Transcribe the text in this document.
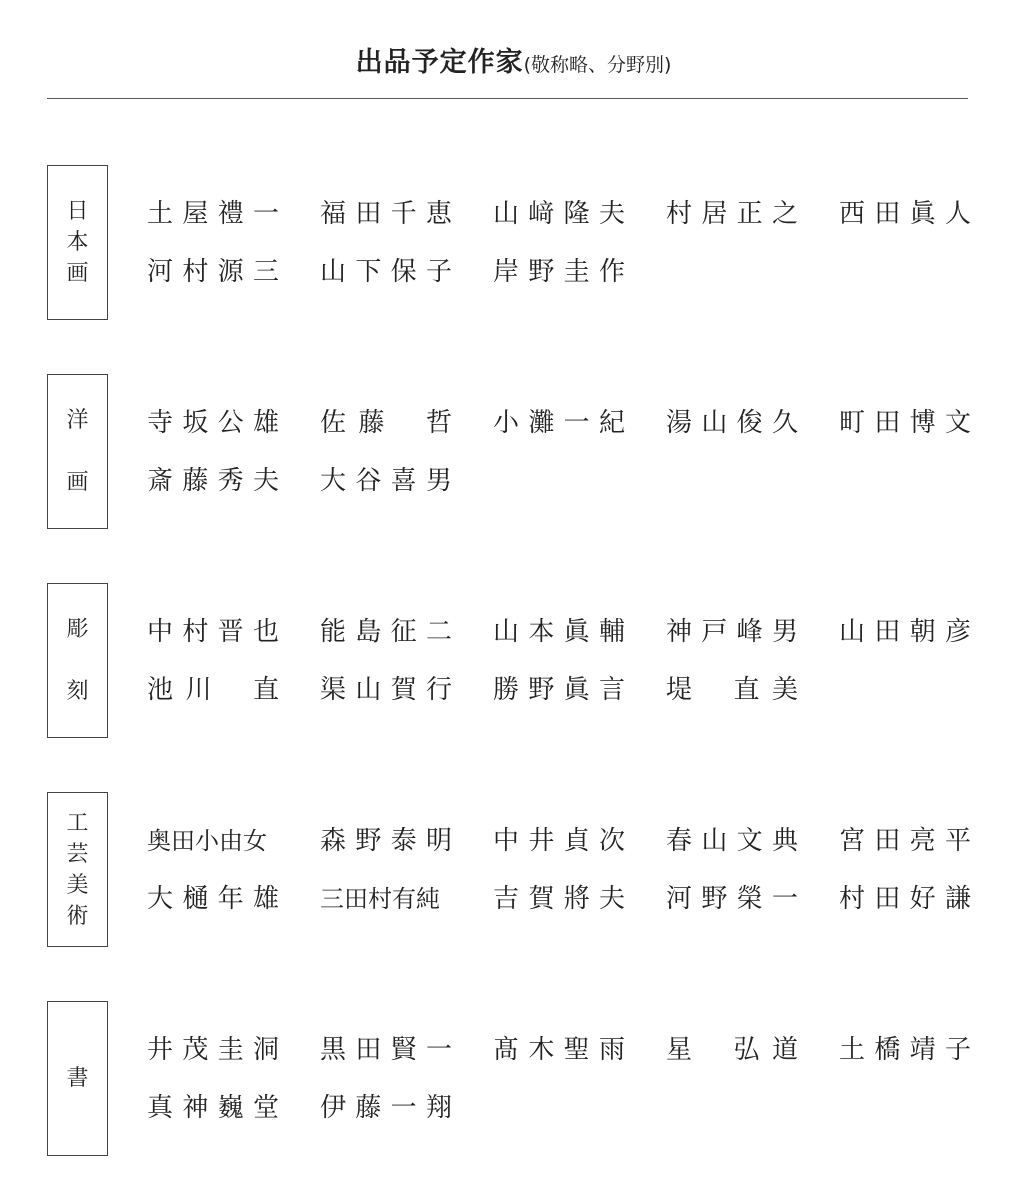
出品予定作家(敬称略、分野別)
日
本
画
土 屋 禮 一 福 田 千 恵 山 﨑 隆 夫 村 居 正 之 西 田 眞 人
河 村 源 三 山 下 保 子 岸 野 圭 作
洋
画
寺 坂 公 雄 佐 藤
哲 小 灘 一 紀 湯 山 俊 久 町 田 博 文
斎 藤 秀 夫 大 谷 喜 男
彫
刻
中 村 晋 也 能 島 征 二 山 本 眞 輔 神 戸 峰 男 山 田 朝 彦
池 川
直 渠 山 賀 行 勝 野 眞 言 堤
直 美
工
芸
美
術
奥田小由女	森 野 泰 明 中 井 貞 次 春 山 文 典 宮 田 亮 平
大 樋 年 雄 三田村有純	吉 賀 將 夫 河 野 榮 一 村 田 好 謙
書
井 茂 圭 洞 黒 田 賢 一 髙 木 聖 雨 星
弘 道 土 橋 靖 子
真 神 巍 堂 伊 藤 一 翔
